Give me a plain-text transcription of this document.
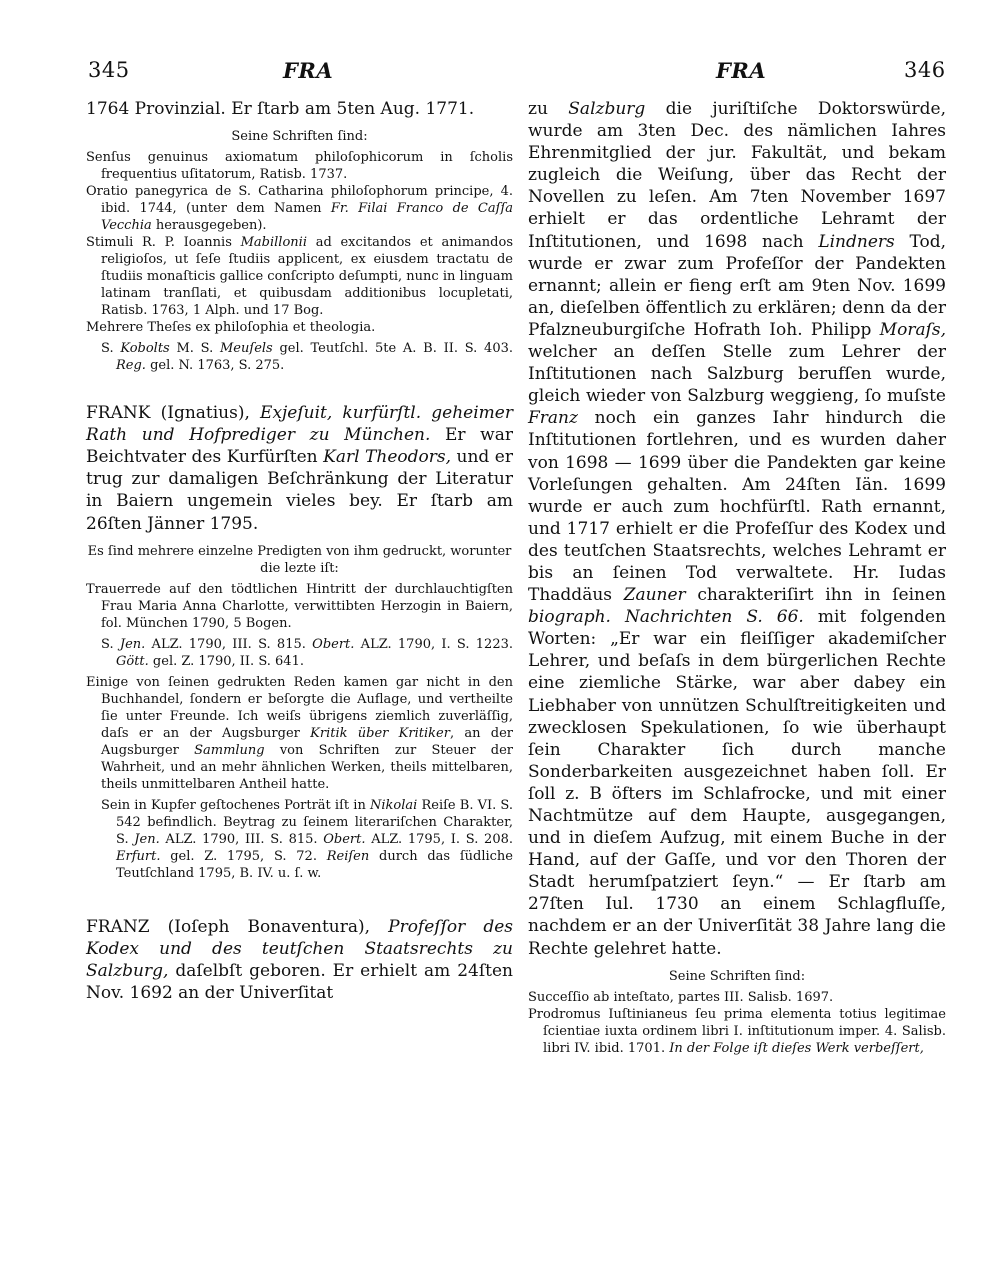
345	FRA	FRA	346

1764 Provinzial. Er ſtarb am 5ten Aug. 1771.

Seine Schriften ſind:

Senſus genuinus axiomatum philoſophicorum in ſcholis frequentius uſitatorum, Ratisb. 1737.

Oratio panegyrica de S. Catharina philoſophorum principe, 4. ibid. 1744, (unter dem Namen Fr. Filai Franco de Caſſa Vecchia herausgegeben).

Stimuli R. P. Ioannis Mabillonii ad excitandos et animandos religioſos, ut ſeſe ſtudiis applicent, ex eiusdem tractatu de ſtudiis monaſticis gallice conſcripto deſumpti, nunc in linguam latinam tranſlati, et quibusdam additionibus locupletati, Ratisb. 1763, 1 Alph. und 17 Bog.

Mehrere Theſes ex philoſophia et theologia.

S. Kobolts M. S. Meuſels gel. Teutſchl. 5te A. B. II. S. 403. Reg. gel. N. 1763, S. 275.

FRANK (Ignatius), Exjeſuit, kurfürſtl. geheimer Rath und Hofprediger zu München. Er war Beichtvater des Kurfürſten Karl Theodors, und er trug zur damaligen Beſchränkung der Literatur in Baiern ungemein vieles bey. Er ſtarb am 26ſten Jänner 1795.

Es ſind mehrere einzelne Predigten von ihm gedruckt, worunter die lezte iſt:

Trauerrede auf den tödtlichen Hintritt der durchlauchtigſten Frau Maria Anna Charlotte, verwittibten Herzogin in Baiern, fol. München 1790, 5 Bogen.

S. Jen. ALZ. 1790, III. S. 815. Obert. ALZ. 1790, I. S. 1223. Gött. gel. Z. 1790, II. S. 641.

Einige von ſeinen gedrukten Reden kamen gar nicht in den Buchhandel, ſondern er beſorgte die Auflage, und vertheilte ſie unter Freunde. Ich weiſs übrigens ziemlich zuverläſſig, daſs er an der Augsburger Kritik über Kritiker, an der Augsburger Sammlung von Schriften zur Steuer der Wahrheit, und an mehr ähnlichen Werken, theils mittelbaren, theils unmittelbaren Antheil hatte.

Sein in Kupfer geſtochenes Porträt iſt in Nikolai Reiſe B. VI. S. 542 befindlich. Beytrag zu ſeinem literariſchen Charakter, S. Jen. ALZ. 1790, III. S. 815. Obert. ALZ. 1795, I. S. 208. Erfurt. gel. Z. 1795, S. 72. Reiſen durch das ſüdliche Teutſchland 1795, B. IV. u. ſ. w.

FRANZ (Ioſeph Bonaventura), Profeſſor des Kodex und des teutſchen Staatsrechts zu Salzburg, daſelbſt geboren. Er erhielt am 24ſten Nov. 1692 an der Univerſitat

zu Salzburg die juriſtiſche Doktorswürde, wurde am 3ten Dec. des nämlichen Iahres Ehrenmitglied der jur. Fakultät, und bekam zugleich die Weiſung, über das Recht der Novellen zu leſen. Am 7ten November 1697 erhielt er das ordentliche Lehramt der Inſtitutionen, und 1698 nach Lindners Tod, wurde er zwar zum Profeſſor der Pandekten ernannt; allein er fieng erſt am 9ten Nov. 1699 an, dieſelben öffentlich zu erklären; denn da der Pfalzneuburgiſche Hofrath Ioh. Philipp Moraſs, welcher an deſſen Stelle zum Lehrer der Inſtitutionen nach Salzburg berufſen wurde, gleich wieder von Salzburg weggieng, ſo muſste Franz noch ein ganzes Iahr hindurch die Inſtitutionen fortlehren, und es wurden daher von 1698 — 1699 über die Pandekten gar keine Vorleſungen gehalten. Am 24ſten Iän. 1699 wurde er auch zum hochfürſtl. Rath ernannt, und 1717 erhielt er die Profeſſur des Kodex und des teutſchen Staatsrechts, welches Lehramt er bis an ſeinen Tod verwaltete. Hr. Iudas Thaddäus Zauner charakteriſirt ihn in ſeinen biograph. Nachrichten S. 66. mit folgenden Worten: „Er war ein fleiſſiger akademiſcher Lehrer, und beſaſs in dem bürgerlichen Rechte eine ziemliche Stärke, war aber dabey ein Liebhaber von unnützen Schulſtreitigkeiten und zwecklosen Spekulationen, ſo wie überhaupt ſein Charakter ſich durch manche Sonderbarkeiten ausgezeichnet haben ſoll. Er ſoll z. B öfters im Schlafrocke, und mit einer Nachtmütze auf dem Haupte, ausgegangen, und in dieſem Aufzug, mit einem Buche in der Hand, auf der Gaſſe, und vor den Thoren der Stadt herumſpatziert ſeyn.“ — Er ſtarb am 27ſten Iul. 1730 an einem Schlagfluſſe, nachdem er an der Univerſität 38 Jahre lang die Rechte gelehret hatte.

Seine Schriften ſind:

Succeſſio ab inteſtato, partes III. Salisb. 1697.

Prodromus Iuſtinianeus ſeu prima elementa totius legitimae ſcientiae iuxta ordinem libri I. inſtitutionum imper. 4. Salisb. libri IV. ibid. 1701. In der Folge iſt dieſes Werk verbeſſert,
